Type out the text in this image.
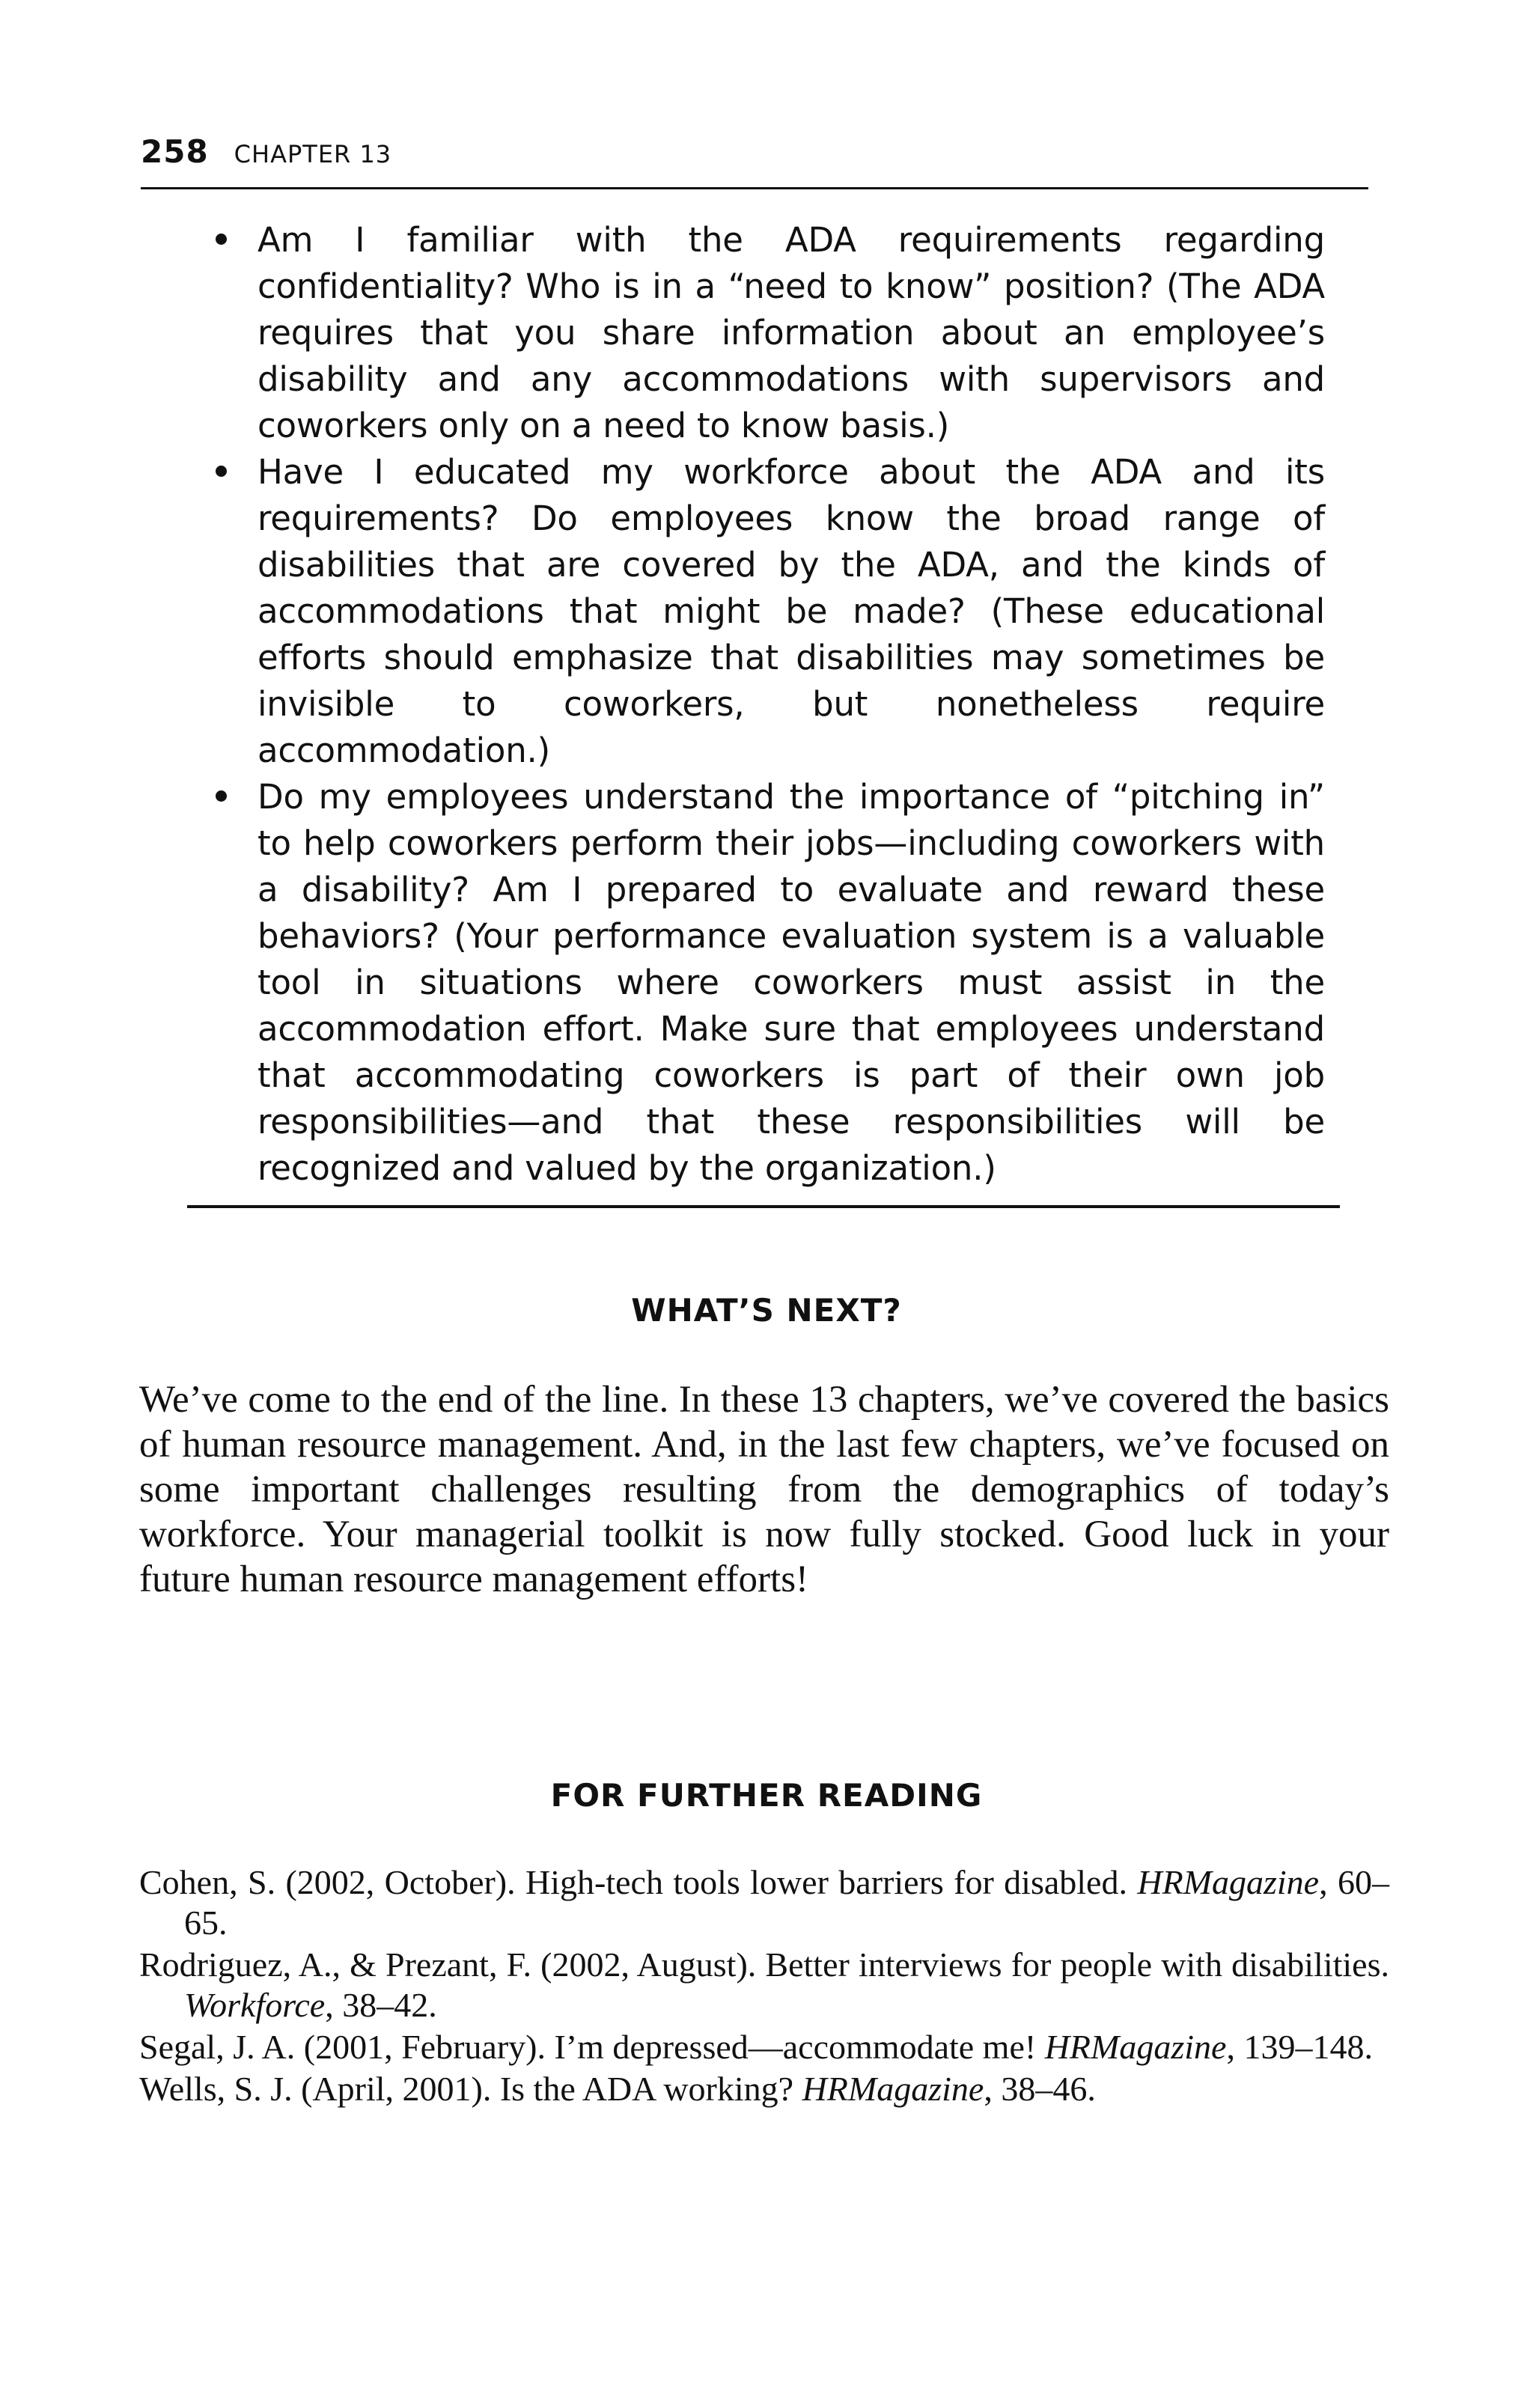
258 CHAPTER 13
Am I familiar with the ADA requirements regarding confidentiality? Who is in a “need to know” position? (The ADA requires that you share information about an employee’s disability and any accommodations with supervisors and coworkers only on a need to know basis.)
Have I educated my workforce about the ADA and its requirements? Do employees know the broad range of disabilities that are covered by the ADA, and the kinds of accommodations that might be made? (These educational efforts should emphasize that disabilities may sometimes be invisible to coworkers, but nonetheless require accommodation.)
Do my employees understand the importance of “pitching in” to help coworkers perform their jobs—including coworkers with a disability? Am I prepared to evaluate and reward these behaviors? (Your performance evaluation system is a valuable tool in situations where coworkers must assist in the accommodation effort. Make sure that employees understand that accommodating coworkers is part of their own job responsibilities—and that these responsibilities will be recognized and valued by the organization.)
WHAT’S NEXT?

We’ve come to the end of the line. In these 13 chapters, we’ve covered the basics of human resource management. And, in the last few chapters, we’ve focused on some important challenges resulting from the demographics of today’s workforce. Your managerial toolkit is now fully stocked. Good luck in your future human resource management efforts!

FOR FURTHER READING
Cohen, S. (2002, October). High-tech tools lower barriers for disabled. HRMagazine, 60–65.
Rodriguez, A., & Prezant, F. (2002, August). Better interviews for people with disabilities. Workforce, 38–42.
Segal, J. A. (2001, February). I’m depressed—accommodate me! HRMagazine, 139–148.
Wells, S. J. (April, 2001). Is the ADA working? HRMagazine, 38–46.
